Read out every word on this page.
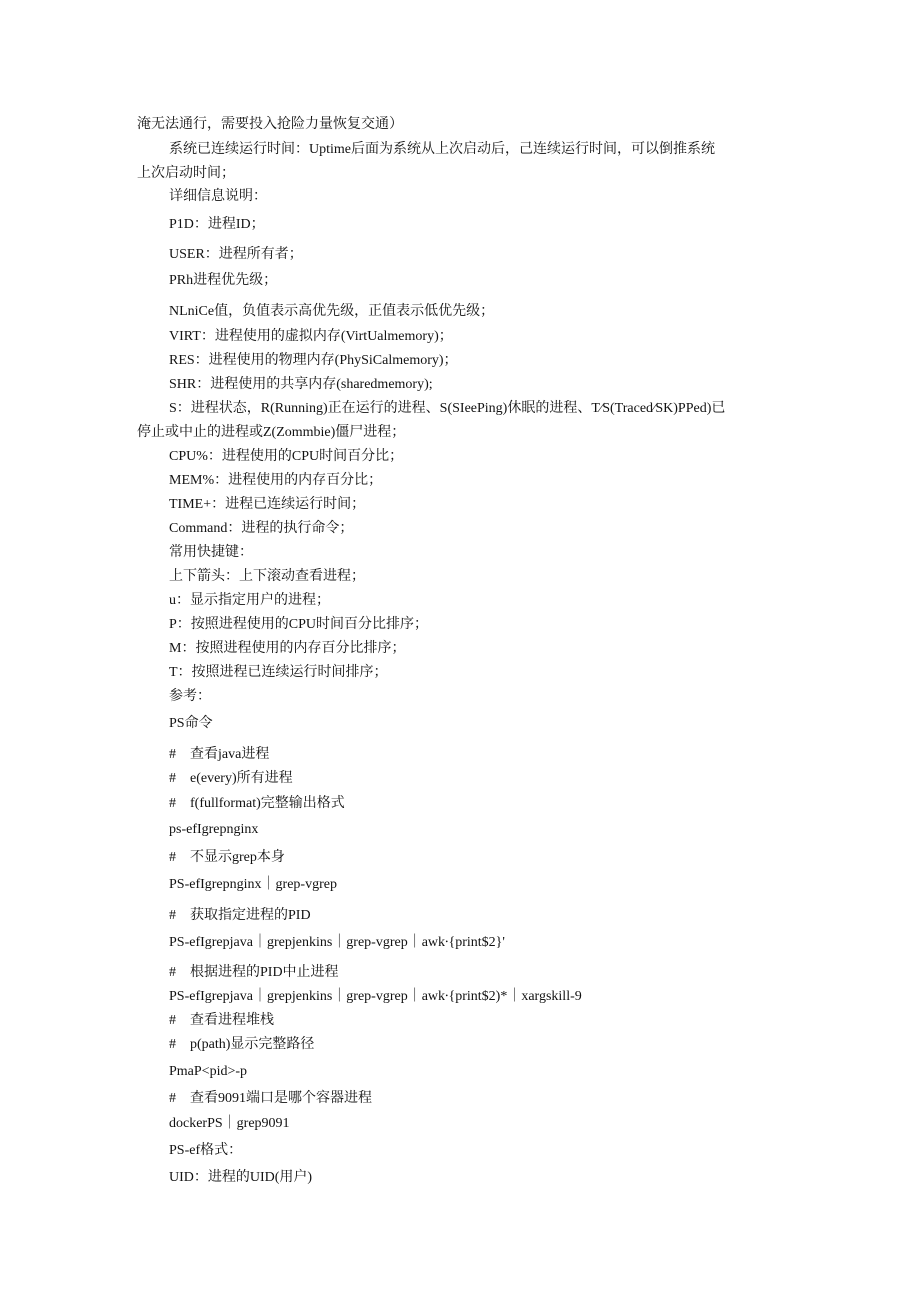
淹无法通行，需要投入抢险力量恢复交通）
系统已连续运行时间：Uptime后面为系统从上次启动后，己连续运行时间，可以倒推系统
上次启动时间；
详细信息说明：
P1D：进程ID；
USER：进程所有者；
PRh进程优先级；
NLniCe值，负值表示高优先级，正值表示低优先级；
VIRT：进程使用的虚拟内存(VirtUalmemory)；
RES：进程使用的物理内存(PhySiCalmemory)；
SHR：进程使用的共享内存(sharedmemory);
S：进程状态，R(Running)正在运行的进程、S(SIeePing)休眠的进程、T∕S(Traced∕SK)PPed)已
停止或中止的进程或Z(Zommbie)僵尸进程；
CPU%：进程使用的CPU时间百分比；
MEM%：进程使用的内存百分比；
TIME+：进程已连续运行时间；
Command：进程的执行命令；
常用快捷键：
上下箭头：上下滚动查看进程；
u：显示指定用户的进程；
P：按照进程使用的CPU时间百分比排序；
M：按照进程使用的内存百分比排序；
T：按照进程已连续运行时间排序；
参考：
PS命令
#　查看java进程
#　e(every)所有进程
#　f(fullformat)完整输出格式
ps-efIgrepnginx
#　不显示grep本身
PS-efIgrepnginx｜grep-vgrep
#　获取指定进程的PID
PS-efIgrepjava｜grepjenkins｜grep-vgrep｜awk∙{print$2}'
#　根据进程的PID中止进程
PS-efIgrepjava｜grepjenkins｜grep-vgrep｜awk∙{print$2)*｜xargskill-9
#　查看进程堆栈
#　p(path)显示完整路径
PmaP<pid>-p
#　查看9091端口是哪个容器进程
dockerPS｜grep9091
PS-ef格式：
UID：进程的UID(用户)
